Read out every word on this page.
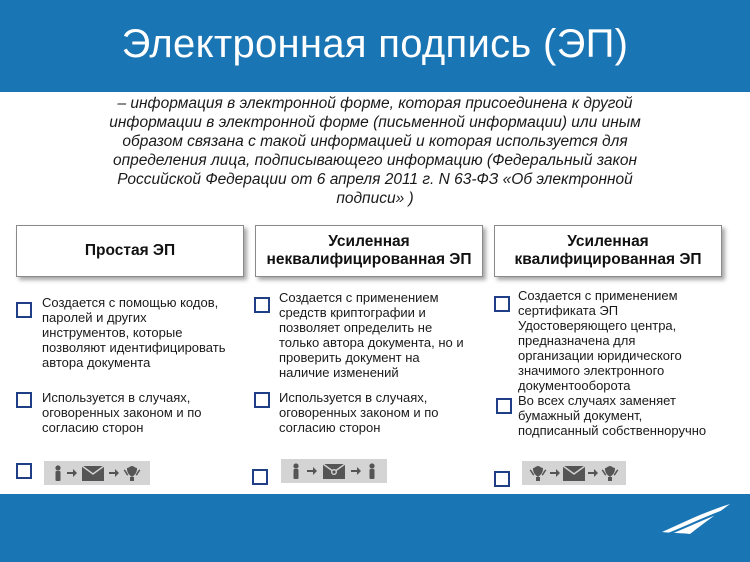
Электронная подпись (ЭП)
– информация в электронной форме, которая присоединена к другой
информации в электронной форме (письменной информации) или иным
образом связана с такой информацией и которая используется для
определения лица, подписывающего информацию (Федеральный закон
Российской Федерации от 6 апреля 2011 г. N 63-ФЗ «Об электронной
подписи» )
Простая ЭП
Создается с помощью кодов,
паролей и других
инструментов, которые
позволяют идентифицировать
автора документа
Используется в случаях,
оговоренных законом и по
согласию сторон
Усиленная
неквалифицированная ЭП
Создается с применением
средств криптографии и
позволяет определить не
только автора документа, но и
проверить документ на
наличие изменений
Используется в случаях,
оговоренных законом и по
согласию сторон
Усиленная
квалифицированная ЭП
Создается с применением
сертификата ЭП
Удостоверяющего центра,
предназначена для
организации юридического
значимого электронного
документооборота
Во всех случаях заменяет
бумажный документ,
подписанный собственноручно
